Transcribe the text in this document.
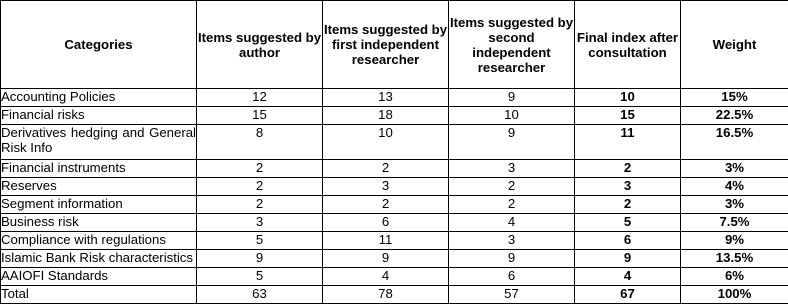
Categories	Items suggested by author	Items suggested by first independent researcher	Items suggested by second independent researcher	Final index after consultation	Weight
Accounting Policies	12	13	9	10	15%
Financial risks	15	18	10	15	22.5%
Derivatives hedging and General Risk Info	8	10	9	11	16.5%
Financial instruments	2	2	3	2	3%
Reserves	2	3	2	3	4%
Segment information	2	2	2	2	3%
Business risk	3	6	4	5	7.5%
Compliance with regulations	5	11	3	6	9%
Islamic Bank Risk characteristics	9	9	9	9	13.5%
AAIOFI Standards	5	4	6	4	6%
Total	63	78	57	67	100%
